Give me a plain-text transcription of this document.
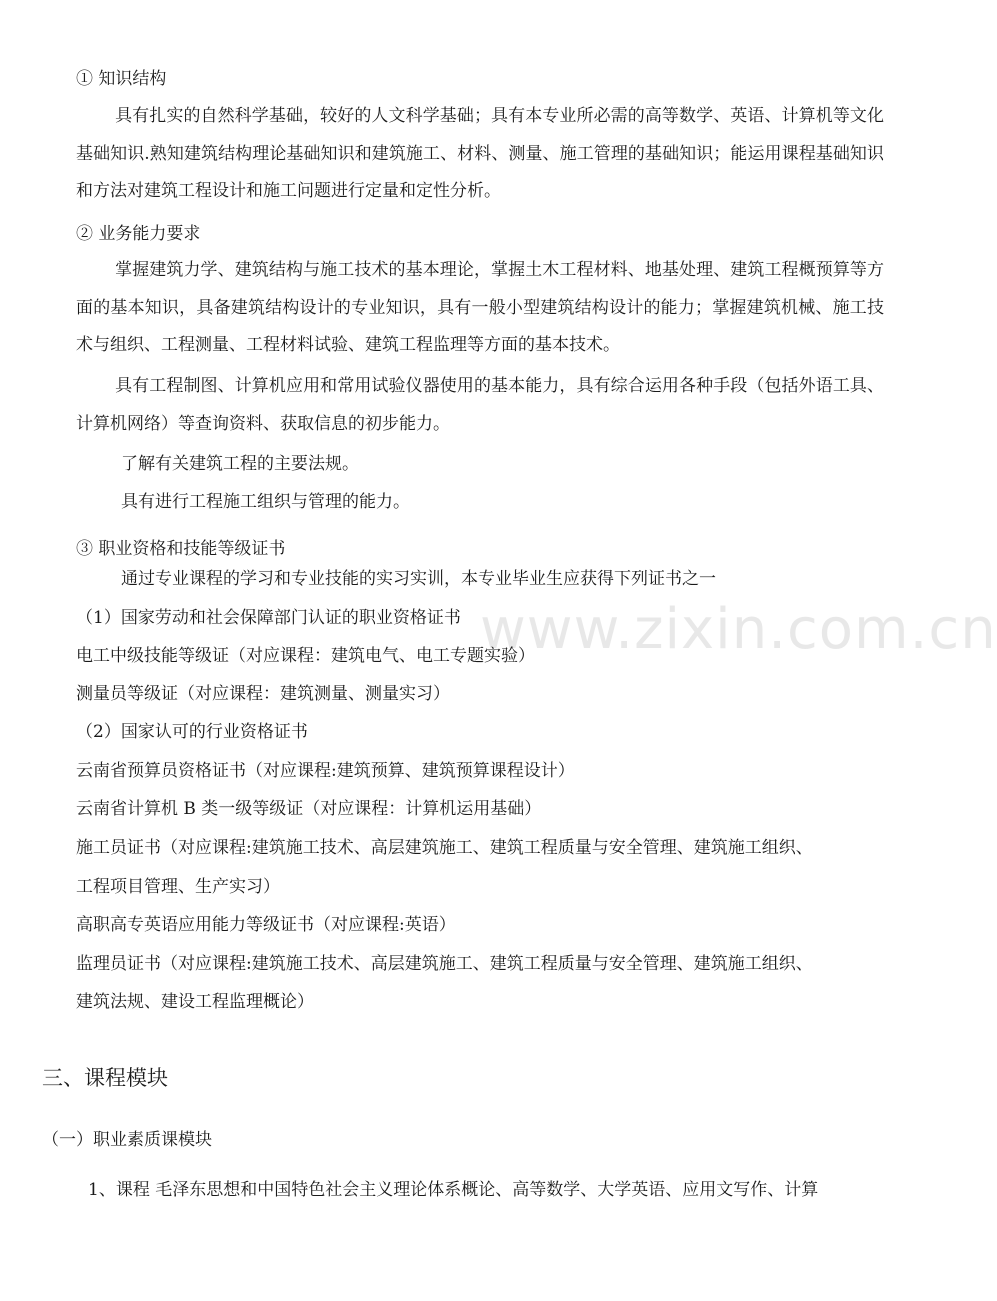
www.zixin.com.cn
① 知识结构
具有扎实的自然科学基础，较好的人文科学基础；具有本专业所必需的高等数学、英语、计算机等文化基础知识.熟知建筑结构理论基础知识和建筑施工、材料、测量、施工管理的基础知识；能运用课程基础知识和方法对建筑工程设计和施工问题进行定量和定性分析。
② 业务能力要求
掌握建筑力学、建筑结构与施工技术的基本理论，掌握土木工程材料、地基处理、建筑工程概预算等方面的基本知识，具备建筑结构设计的专业知识，具有一般小型建筑结构设计的能力；掌握建筑机械、施工技术与组织、工程测量、工程材料试验、建筑工程监理等方面的基本技术。
具有工程制图、计算机应用和常用试验仪器使用的基本能力，具有综合运用各种手段（包括外语工具、计算机网络）等查询资料、获取信息的初步能力。
了解有关建筑工程的主要法规。
具有进行工程施工组织与管理的能力。
③ 职业资格和技能等级证书
通过专业课程的学习和专业技能的实习实训，本专业毕业生应获得下列证书之一
（1）国家劳动和社会保障部门认证的职业资格证书
电工中级技能等级证（对应课程：建筑电气、电工专题实验）
测量员等级证（对应课程：建筑测量、测量实习）
（2）国家认可的行业资格证书
云南省预算员资格证书（对应课程:建筑预算、建筑预算课程设计）
云南省计算机 B 类一级等级证（对应课程：计算机运用基础）
施工员证书（对应课程:建筑施工技术、高层建筑施工、建筑工程质量与安全管理、建筑施工组织、
工程项目管理、生产实习）
高职高专英语应用能力等级证书（对应课程:英语）
监理员证书（对应课程:建筑施工技术、高层建筑施工、建筑工程质量与安全管理、建筑施工组织、
建筑法规、建设工程监理概论）
三、课程模块
（一）职业素质课模块
1、课程 毛泽东思想和中国特色社会主义理论体系概论、高等数学、大学英语、应用文写作、计算
